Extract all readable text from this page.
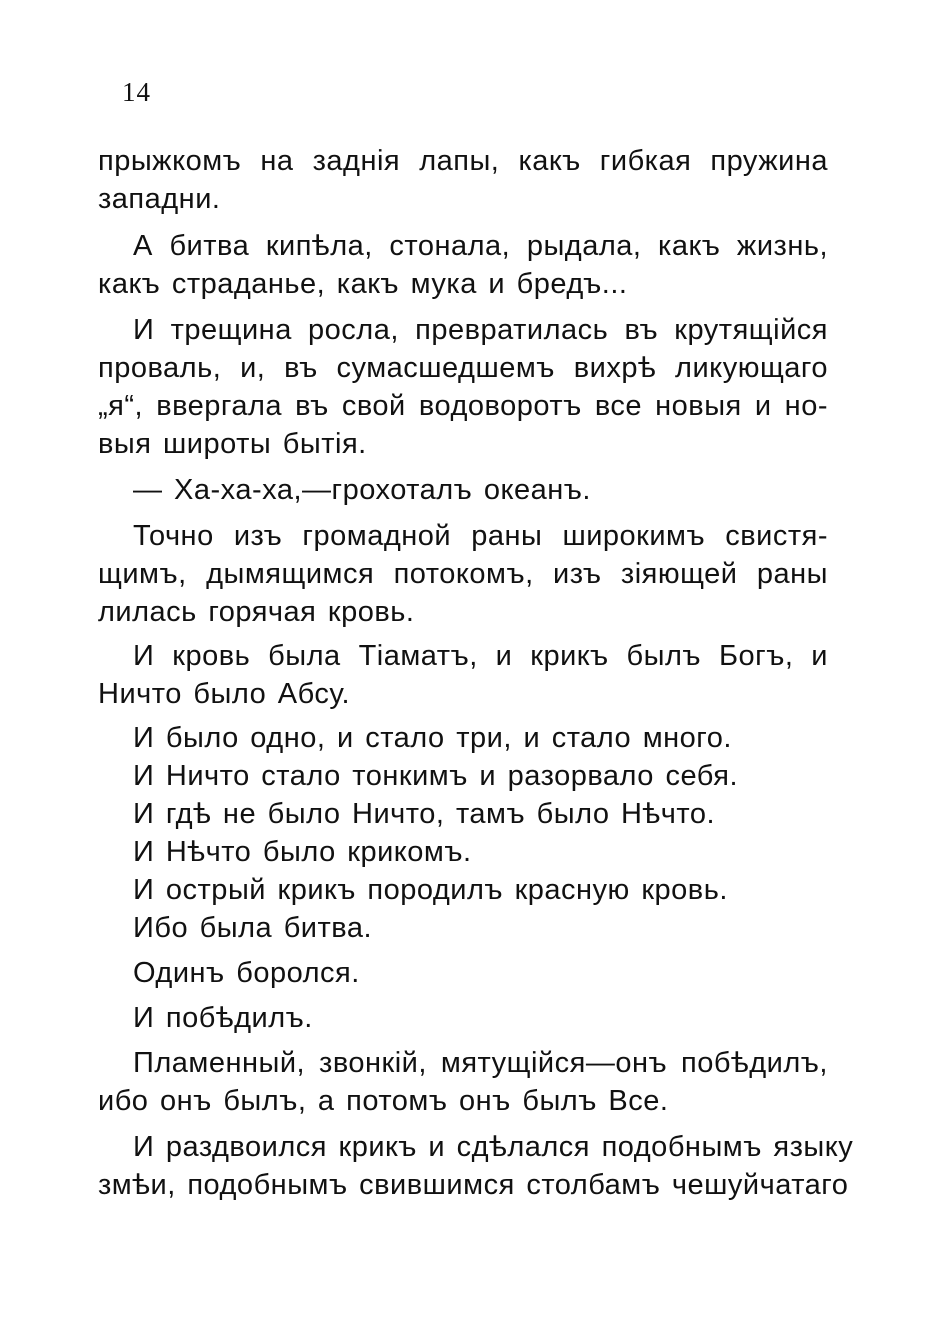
14
прыжкомъ на заднія лапы, какъ гибкая пружина
западни.
А битва кипѣла, стонала, рыдала, какъ жизнь,
какъ страданье, какъ мука и бредъ...
И трещина росла, превратилась въ крутящійся
проваль, и, въ сумасшедшемъ вихрѣ ликующаго
„я“, ввергала въ свой водоворотъ все новыя и но-
выя широты бытія.
— Ха-ха-ха,—грохоталъ океанъ.
Точно изъ громадной раны широкимъ свистя-
щимъ, дымящимся потокомъ, изъ зіяющей раны
лилась горячая кровь.
И кровь была Тіаматъ, и крикъ былъ Богъ, и
Ничто было Абсу.
И было одно, и стало три, и стало много.
И Ничто стало тонкимъ и разорвало себя.
И гдѣ не было Ничто, тамъ было Нѣчто.
И Нѣчто было крикомъ.
И острый крикъ породилъ красную кровь.
Ибо была битва.
Одинъ боролся.
И побѣдилъ.
Пламенный, звонкій, мятущійся—онъ побѣдилъ,
ибо онъ былъ, а потомъ онъ былъ Все.
И раздвоился крикъ и сдѣлался подобнымъ языку
змѣи, подобнымъ свившимся столбамъ чешуйчатаго
